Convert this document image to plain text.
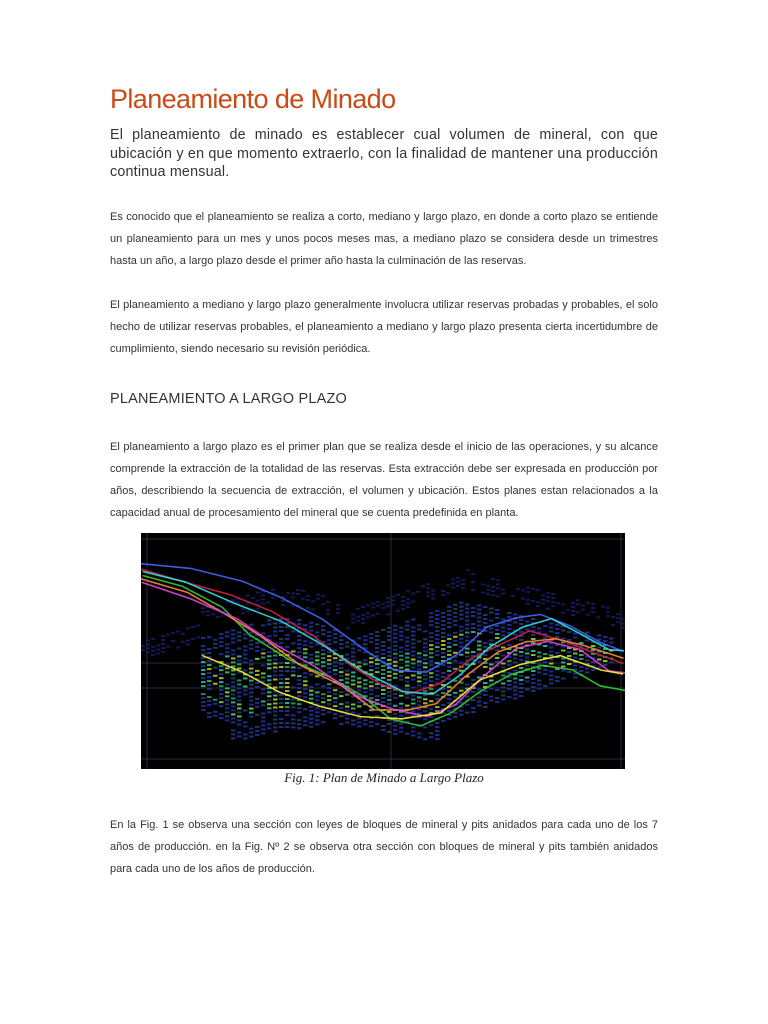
Planeamiento de Minado

El planeamiento de minado es establecer cual volumen de mineral, con que ubicación y en que momento extraerlo, con la finalidad de mantener una producción continua mensual.

Es conocido que el planeamiento se realiza a corto, mediano y largo plazo, en donde a corto plazo se entiende un planeamiento para un mes y unos pocos meses mas, a mediano plazo se considera desde un trimestres hasta un año, a largo plazo desde el primer año hasta la culminación de las reservas.

El planeamiento a mediano y largo plazo generalmente involucra utilizar reservas probadas y probables, el solo hecho de utilizar reservas probables, el planeamiento a mediano y largo plazo presenta cierta incertidumbre de cumplimiento, siendo necesario su revisión periódica.

PLANEAMIENTO A LARGO PLAZO

El planeamiento a largo plazo es el primer plan que se realiza desde el inicio de las operaciones, y su alcance comprende la extracción de la totalidad de las reservas. Esta extracción debe ser expresada en producción por años, describiendo la secuencia de extracción, el volumen y ubicación. Estos planes estan relacionados a la capacidad anual de procesamiento del mineral que se cuenta predefinida en planta.

Fig. 1: Plan de Minado a Largo Plazo

En la Fig. 1 se observa una sección con leyes de bloques de mineral y pits anidados para cada uno de los 7 años de producción. en la Fig. Nº 2 se observa otra sección con bloques de mineral y pits también anidados para cada uno de los años de producción.
